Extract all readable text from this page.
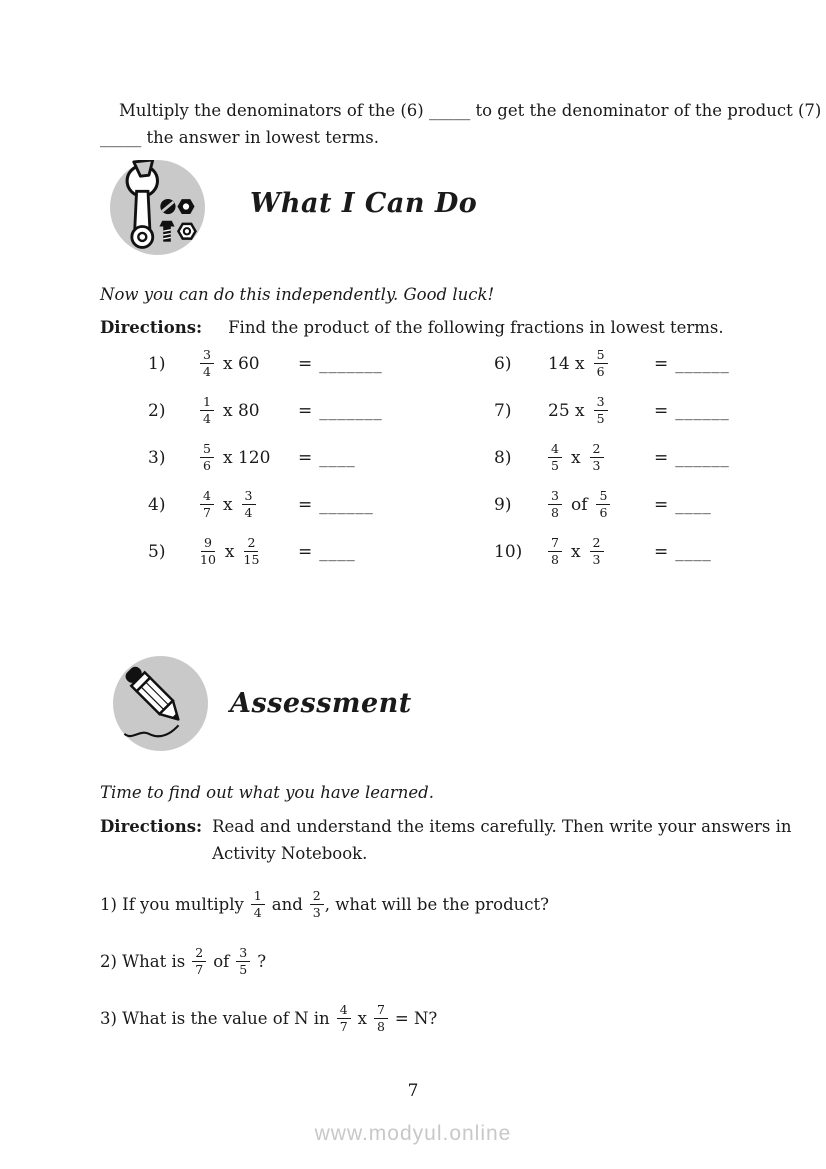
Multiply the denominators of the (6) _____ to get the denominator of the product (7)
_____ the answer in lowest terms.
What I Can Do
Now you can do this independently. Good luck!
Directions: Find the product of the following fractions in lowest terms.
1)	$\frac{3}{4}$ x 60 = _______
2)	$\frac{1}{4}$ x 80 = _______
3)	$\frac{5}{6}$ x 120 = ____
4)	$\frac{4}{7}$ x $\frac{3}{4}$	= ______
5)	$\frac{9}{10}$ x $\frac{2}{15}$ = ____
6)	14 x $\frac{5}{6}$	= ______
7)	25 x $\frac{3}{5}$	= ______
8)	$\frac{4}{5}$ x $\frac{2}{3}$	= ______
9)	$\frac{3}{8}$ of $\frac{5}{6}$	= ____
10)	$\frac{7}{8}$ x $\frac{2}{3}$	= ____
Assessment
Time to find out what you have learned.
Directions: Read and understand the items carefully. Then write your answers in
Activity Notebook.
1) If you multiply $\frac{1}{4}$ and $\frac{2}{3}$ , what will be the product?
2) What is $\frac{2}{7}$ of $\frac{3}{5}$ ?
3) What is the value of N in $\frac{4}{7}$ x $\frac{7}{8} = N$?
7
www.modyul.online
